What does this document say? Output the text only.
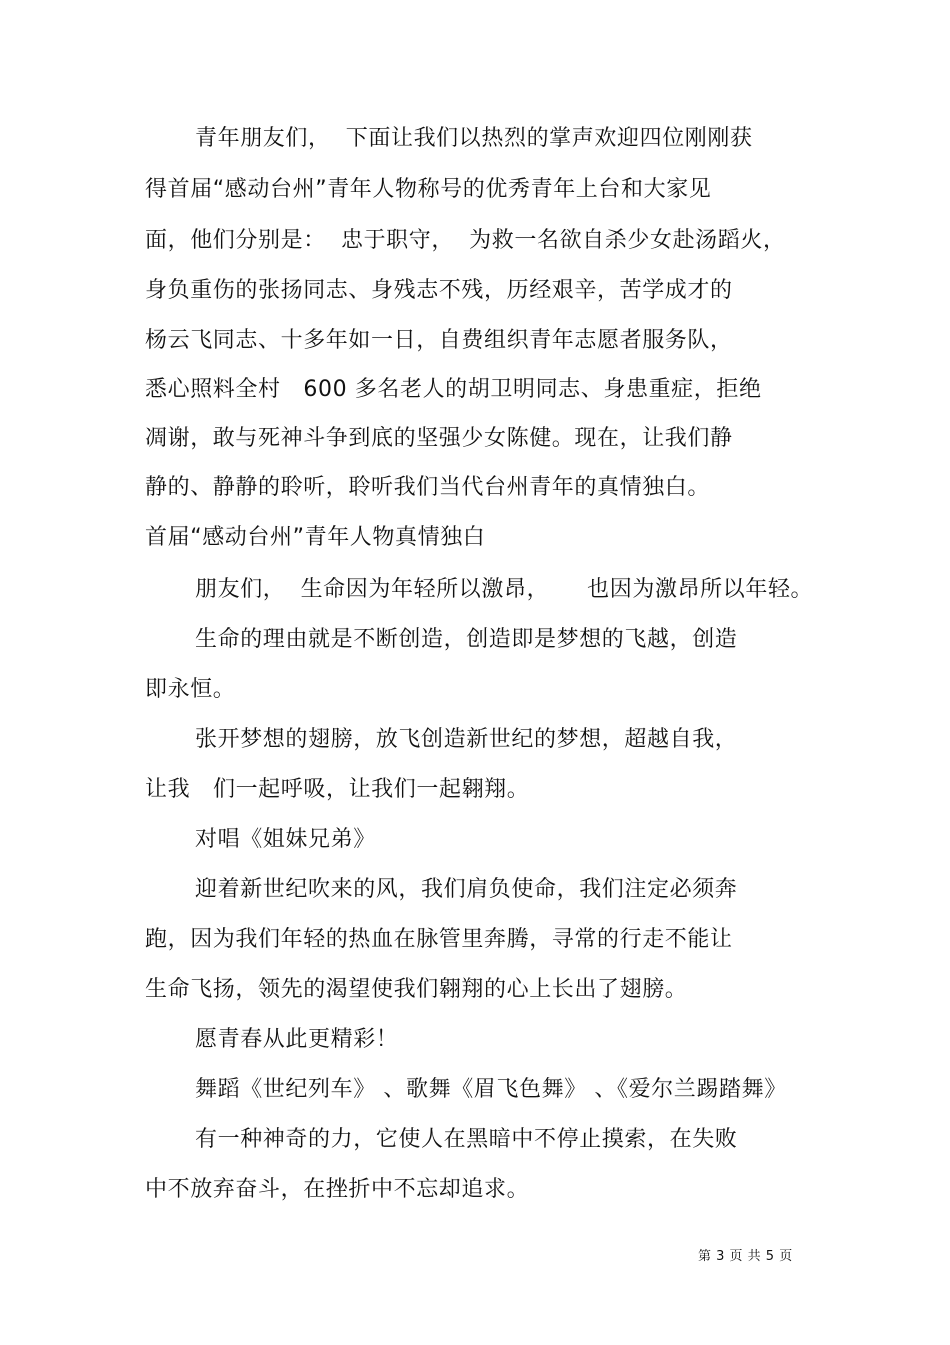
青年朋友们，  下面让我们以热烈的掌声欢迎四位刚刚获
得首届“感动台州”青年人物称号的优秀青年上台和大家见
面，他们分别是：  忠于职守，  为救一名欲自杀少女赴汤蹈火，
身负重伤的张扬同志、身残志不残，历经艰辛，苦学成才的
杨云飞同志、十多年如一日，自费组织青年志愿者服务队，
悉心照料全村   600 多名老人的胡卫明同志、身患重症，拒绝
凋谢，敢与死神斗争到底的坚强少女陈健。现在，让我们静
静的、静静的聆听，聆听我们当代台州青年的真情独白。
首届“感动台州”青年人物真情独白
朋友们，  生命因为年轻所以激昂，     也因为激昂所以年轻。
生命的理由就是不断创造，创造即是梦想的飞越，创造
即永恒。
张开梦想的翅膀，放飞创造新世纪的梦想，超越自我，
让我   们一起呼吸，让我们一起翱翔。
对唱《姐妹兄弟》
迎着新世纪吹来的风，我们肩负使命，我们注定必须奔
跑，因为我们年轻的热血在脉管里奔腾，寻常的行走不能让
生命飞扬，领先的渴望使我们翱翔的心上长出了翅膀。
愿青春从此更精彩！
舞蹈《世纪列车》 、歌舞《眉飞色舞》 、《爱尔兰踢踏舞》
有一种神奇的力，它使人在黑暗中不停止摸索，在失败
中不放弃奋斗，在挫折中不忘却追求。
第 3 页 共 5 页
